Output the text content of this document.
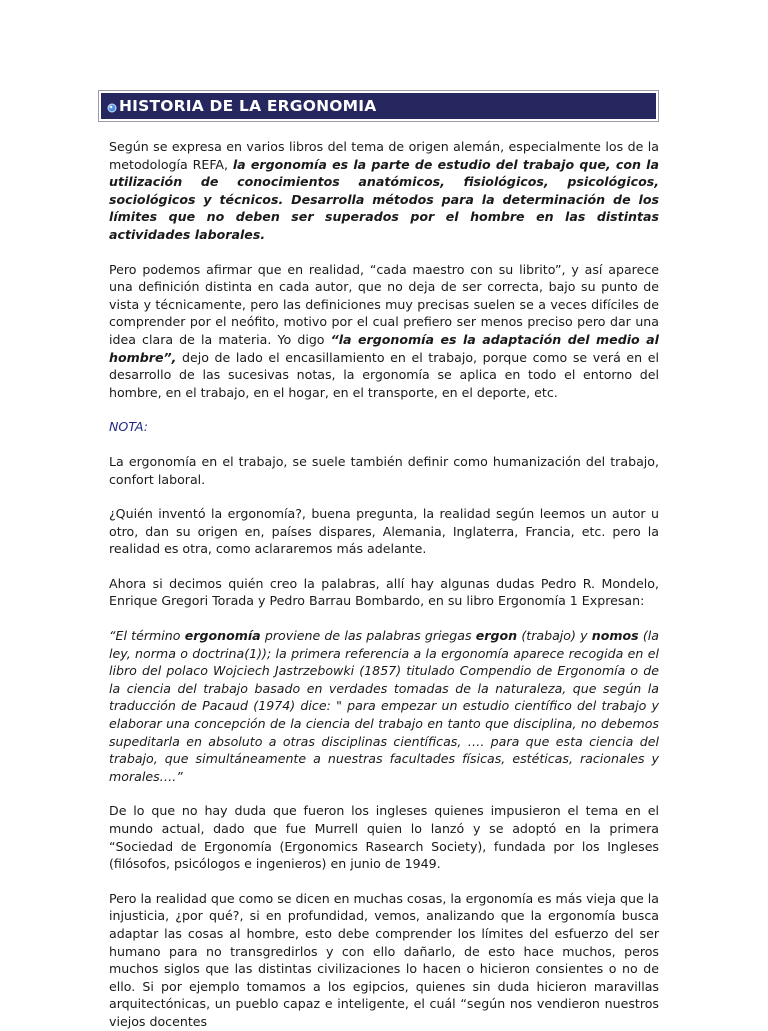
HISTORIA DE LA ERGONOMIA

Según se expresa en varios libros del tema de origen alemán, especialmente los de la metodología REFA, la ergonomía es la parte de estudio del trabajo que, con la utilización de conocimientos anatómicos, fisiológicos, psicológicos, sociológicos y técnicos. Desarrolla métodos para la determinación de los límites que no deben ser superados por el hombre en las distintas actividades laborales.

Pero podemos afirmar que en realidad, “cada maestro con su librito”, y así aparece una definición distinta en cada autor, que no deja de ser correcta, bajo su punto de vista y técnicamente, pero las definiciones muy precisas suelen se a veces difíciles de comprender por el neófito, motivo por el cual prefiero ser menos preciso pero dar una idea clara de la materia. Yo digo “la ergonomía es la adaptación del medio al hombre”, dejo de lado el encasillamiento en el trabajo, porque como se verá en el desarrollo de las sucesivas notas, la ergonomía se aplica en todo el entorno del hombre, en el trabajo, en el hogar, en el transporte, en el deporte, etc.

NOTA:

La ergonomía en el trabajo, se suele también definir como humanización del trabajo, confort laboral.

¿Quién inventó la ergonomía?, buena pregunta, la realidad según leemos un autor u otro, dan su origen en, países dispares, Alemania, Inglaterra, Francia, etc. pero la realidad es otra, como aclararemos más adelante.

Ahora si decimos quién creo la palabras, allí hay algunas dudas Pedro R. Mondelo, Enrique Gregori Torada y Pedro Barrau Bombardo, en su libro Ergonomía 1 Expresan:

“El término ergonomía proviene de las palabras griegas ergon (trabajo) y nomos (la ley, norma o doctrina(1)); la primera referencia a la ergonomía aparece recogida en el libro del polaco Wojciech Jastrzebowki (1857) titulado Compendio de Ergonomía o de la ciencia del trabajo basado en verdades tomadas de la naturaleza, que según la traducción de Pacaud (1974) dice: " para empezar un estudio científico del trabajo y elaborar una concepción de la ciencia del trabajo en tanto que disciplina, no debemos supeditarla en absoluto a otras disciplinas científicas, …. para que esta ciencia del trabajo, que simultáneamente a nuestras facultades físicas, estéticas, racionales y morales….”

De lo que no hay duda que fueron los ingleses quienes impusieron el tema en el mundo actual, dado que fue Murrell quien lo lanzó y se adoptó en la primera “Sociedad de Ergonomía (Ergonomics Rasearch Society), fundada por los Ingleses (filósofos, psicólogos e ingenieros) en junio de 1949.

Pero la realidad que como se dicen en muchas cosas, la ergonomía es más vieja que la injusticia, ¿por qué?, si en profundidad, vemos, analizando que la ergonomía busca adaptar las cosas al hombre, esto debe comprender los límites del esfuerzo del ser humano para no transgredirlos y con ello dañarlo, de esto hace muchos, peros muchos siglos que las distintas civilizaciones lo hacen o hicieron consientes o no de ello. Si por ejemplo tomamos a los egipcios, quienes sin duda hicieron maravillas arquitectónicas, un pueblo capaz e inteligente, el cuál “según nos vendieron nuestros viejos docentes
